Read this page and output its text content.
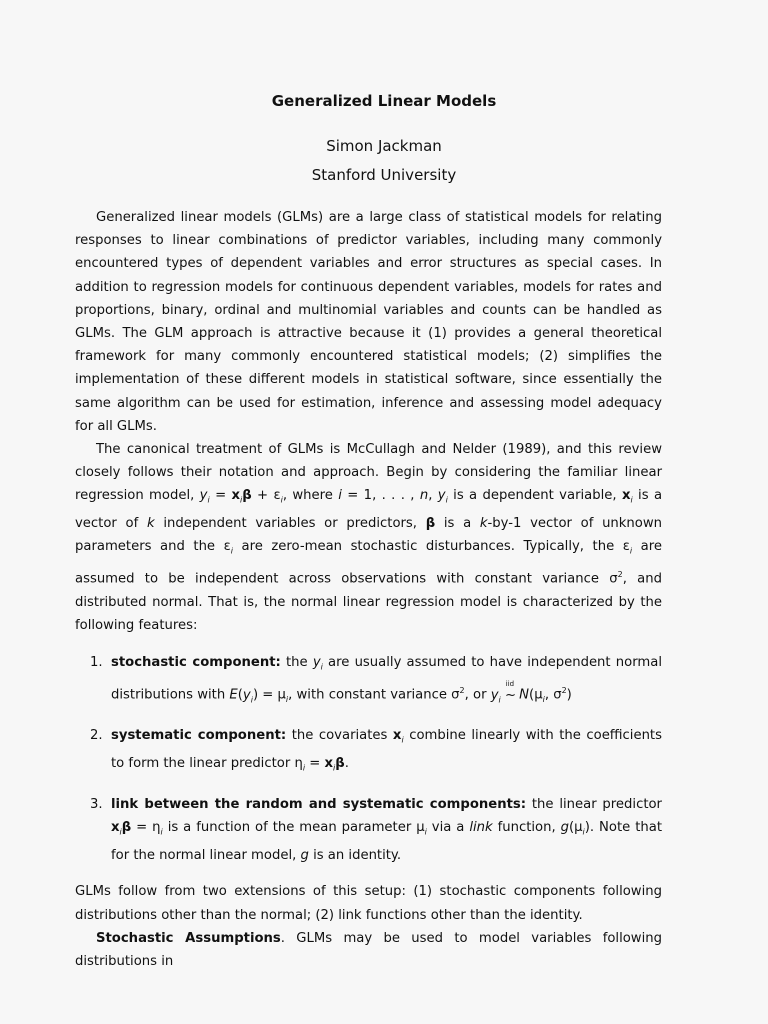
Generalized Linear Models
Simon Jackman
Stanford University

Generalized linear models (GLMs) are a large class of statistical models for relating responses to linear combinations of predictor variables, including many commonly encountered types of dependent variables and error structures as special cases. In addition to regression models for continuous dependent variables, models for rates and proportions, binary, ordinal and multinomial variables and counts can be handled as GLMs. The GLM approach is attractive because it (1) provides a general theoretical framework for many commonly encountered statistical models; (2) simplifies the implementation of these different models in statistical software, since essentially the same algorithm can be used for estimation, inference and assessing model adequacy for all GLMs.

The canonical treatment of GLMs is McCullagh and Nelder (1989), and this review closely follows their notation and approach. Begin by considering the familiar linear regression model, $y_i = x_i\beta + \varepsilon_i$, where i = 1, . . . , n, $y_i$ is a dependent variable, $x_i$ is a vector of k independent variables or predictors, β is a k-by-1 vector of unknown parameters and the $\varepsilon_i$ are zero-mean stochastic disturbances. Typically, the $\varepsilon_i$ are assumed to be independent across observations with constant variance $\sigma^2$, and distributed normal. That is, the normal linear regression model is characterized by the following features:

1. stochastic component: the $y_i$ are usually assumed to have independent normal distributions with $E(y_i) = \mu_i$, with constant variance $\sigma^2$, or $y_i$
iid
~ $N(\mu_i$, $\sigma^2$)
2. systematic component: the covariates $x_i$ combine linearly with the coefficients to form the linear predictor $\eta_i = x_i\beta$.
3. link between the random and systematic components: the linear predictor $x_i\beta = \eta_i$ is a function of the mean parameter $\mu_i$ via a link function, $g(\mu_i)$. Note that for the normal linear model, g is an identity.

GLMs follow from two extensions of this setup: (1) stochastic components following distributions other than the normal; (2) link functions other than the identity.

Stochastic Assumptions. GLMs may be used to model variables following distributions in
